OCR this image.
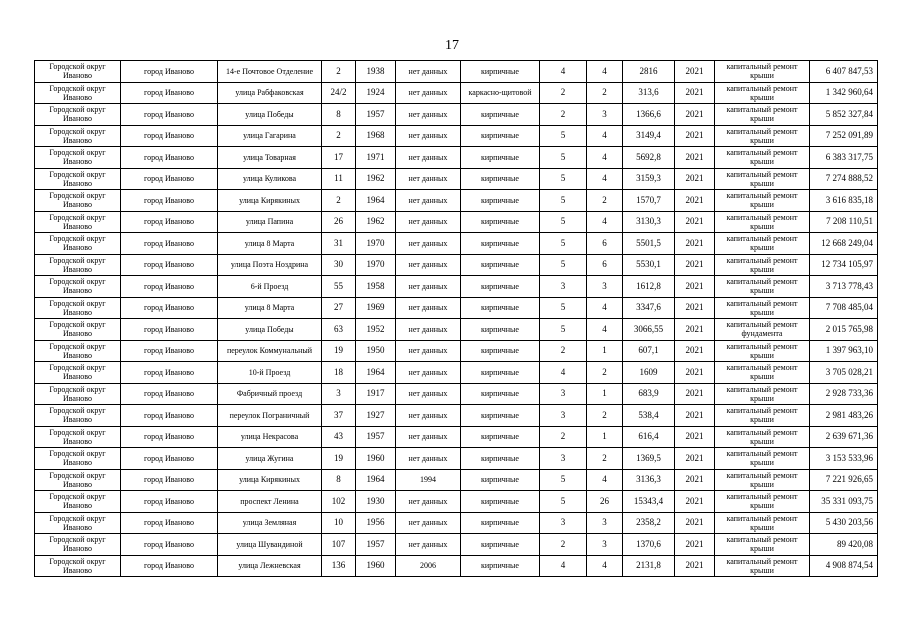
17
Городской округ Иваново	город Иваново	14-е Почтовое Отделение	2	1938	нет данных	кирпичные	4	4	2816	2021	капитальный ремонт крыши	6 407 847,53
Городской округ Иваново	город Иваново	улица Рабфаковская	24/2	1924	нет данных	каркасно-щитовой	2	2	313,6	2021	капитальный ремонт крыши	1 342 960,64
Городской округ Иваново	город Иваново	улица Победы	8	1957	нет данных	кирпичные	2	3	1366,6	2021	капитальный ремонт крыши	5 852 327,84
Городской округ Иваново	город Иваново	улица Гагарина	2	1968	нет данных	кирпичные	5	4	3149,4	2021	капитальный ремонт крыши	7 252 091,89
Городской округ Иваново	город Иваново	улица Товарная	17	1971	нет данных	кирпичные	5	4	5692,8	2021	капитальный ремонт крыши	6 383 317,75
Городской округ Иваново	город Иваново	улица Куликова	11	1962	нет данных	кирпичные	5	4	3159,3	2021	капитальный ремонт крыши	7 274 888,52
Городской округ Иваново	город Иваново	улица Кирякиных	2	1964	нет данных	кирпичные	5	2	1570,7	2021	капитальный ремонт крыши	3 616 835,18
Городской округ Иваново	город Иваново	улица Папина	26	1962	нет данных	кирпичные	5	4	3130,3	2021	капитальный ремонт крыши	7 208 110,51
Городской округ Иваново	город Иваново	улица 8 Марта	31	1970	нет данных	кирпичные	5	6	5501,5	2021	капитальный ремонт крыши	12 668 249,04
Городской округ Иваново	город Иваново	улица Поэта Ноздрина	30	1970	нет данных	кирпичные	5	6	5530,1	2021	капитальный ремонт крыши	12 734 105,97
Городской округ Иваново	город Иваново	6-й Проезд	55	1958	нет данных	кирпичные	3	3	1612,8	2021	капитальный ремонт крыши	3 713 778,43
Городской округ Иваново	город Иваново	улица 8 Марта	27	1969	нет данных	кирпичные	5	4	3347,6	2021	капитальный ремонт крыши	7 708 485,04
Городской округ Иваново	город Иваново	улица Победы	63	1952	нет данных	кирпичные	5	4	3066,55	2021	капитальный ремонт фундамента	2 015 765,98
Городской округ Иваново	город Иваново	переулок Коммунальный	19	1950	нет данных	кирпичные	2	1	607,1	2021	капитальный ремонт крыши	1 397 963,10
Городской округ Иваново	город Иваново	10-й Проезд	18	1964	нет данных	кирпичные	4	2	1609	2021	капитальный ремонт крыши	3 705 028,21
Городской округ Иваново	город Иваново	Фабричный проезд	3	1917	нет данных	кирпичные	3	1	683,9	2021	капитальный ремонт крыши	2 928 733,36
Городской округ Иваново	город Иваново	переулок Пограничный	37	1927	нет данных	кирпичные	3	2	538,4	2021	капитальный ремонт крыши	2 981 483,26
Городской округ Иваново	город Иваново	улица Некрасова	43	1957	нет данных	кирпичные	2	1	616,4	2021	капитальный ремонт крыши	2 639 671,36
Городской округ Иваново	город Иваново	улица Жугина	19	1960	нет данных	кирпичные	3	2	1369,5	2021	капитальный ремонт крыши	3 153 533,96
Городской округ Иваново	город Иваново	улица Кирякиных	8	1964	1994	кирпичные	5	4	3136,3	2021	капитальный ремонт крыши	7 221 926,65
Городской округ Иваново	город Иваново	проспект Ленина	102	1930	нет данных	кирпичные	5	26	15343,4	2021	капитальный ремонт крыши	35 331 093,75
Городской округ Иваново	город Иваново	улица Земляная	10	1956	нет данных	кирпичные	3	3	2358,2	2021	капитальный ремонт крыши	5 430 203,56
Городской округ Иваново	город Иваново	улица Шувандиной	107	1957	нет данных	кирпичные	2	3	1370,6	2021	капитальный ремонт крыши	89 420,08
Городской округ Иваново	город Иваново	улица Лежневская	136	1960	2006	кирпичные	4	4	2131,8	2021	капитальный ремонт крыши	4 908 874,54
